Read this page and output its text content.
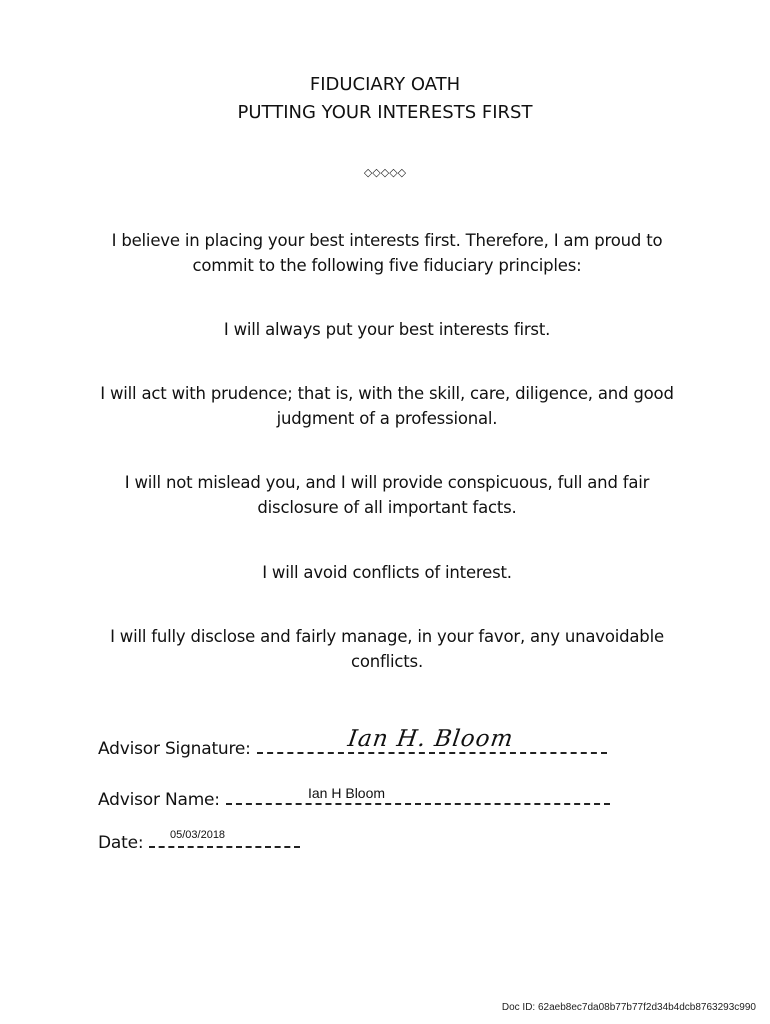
FIDUCIARY OATH
PUTTING YOUR INTERESTS FIRST
◇◇◇◇◇
I believe in placing your best interests first. Therefore, I am proud to commit to the following five fiduciary principles:
I will always put your best interests first.
I will act with prudence; that is, with the skill, care, diligence, and good judgment of a professional.
I will not mislead you, and I will provide conspicuous, full and fair disclosure of all important facts.
I will avoid conflicts of interest.
I will fully disclose and fairly manage, in your favor, any unavoidable conflicts.
Advisor Signature:	Ian H. Bloom
Advisor Name:	Ian H Bloom
Date:	05/03/2018
Doc ID: 62aeb8ec7da08b77b77f2d34b4dcb8763293c990
